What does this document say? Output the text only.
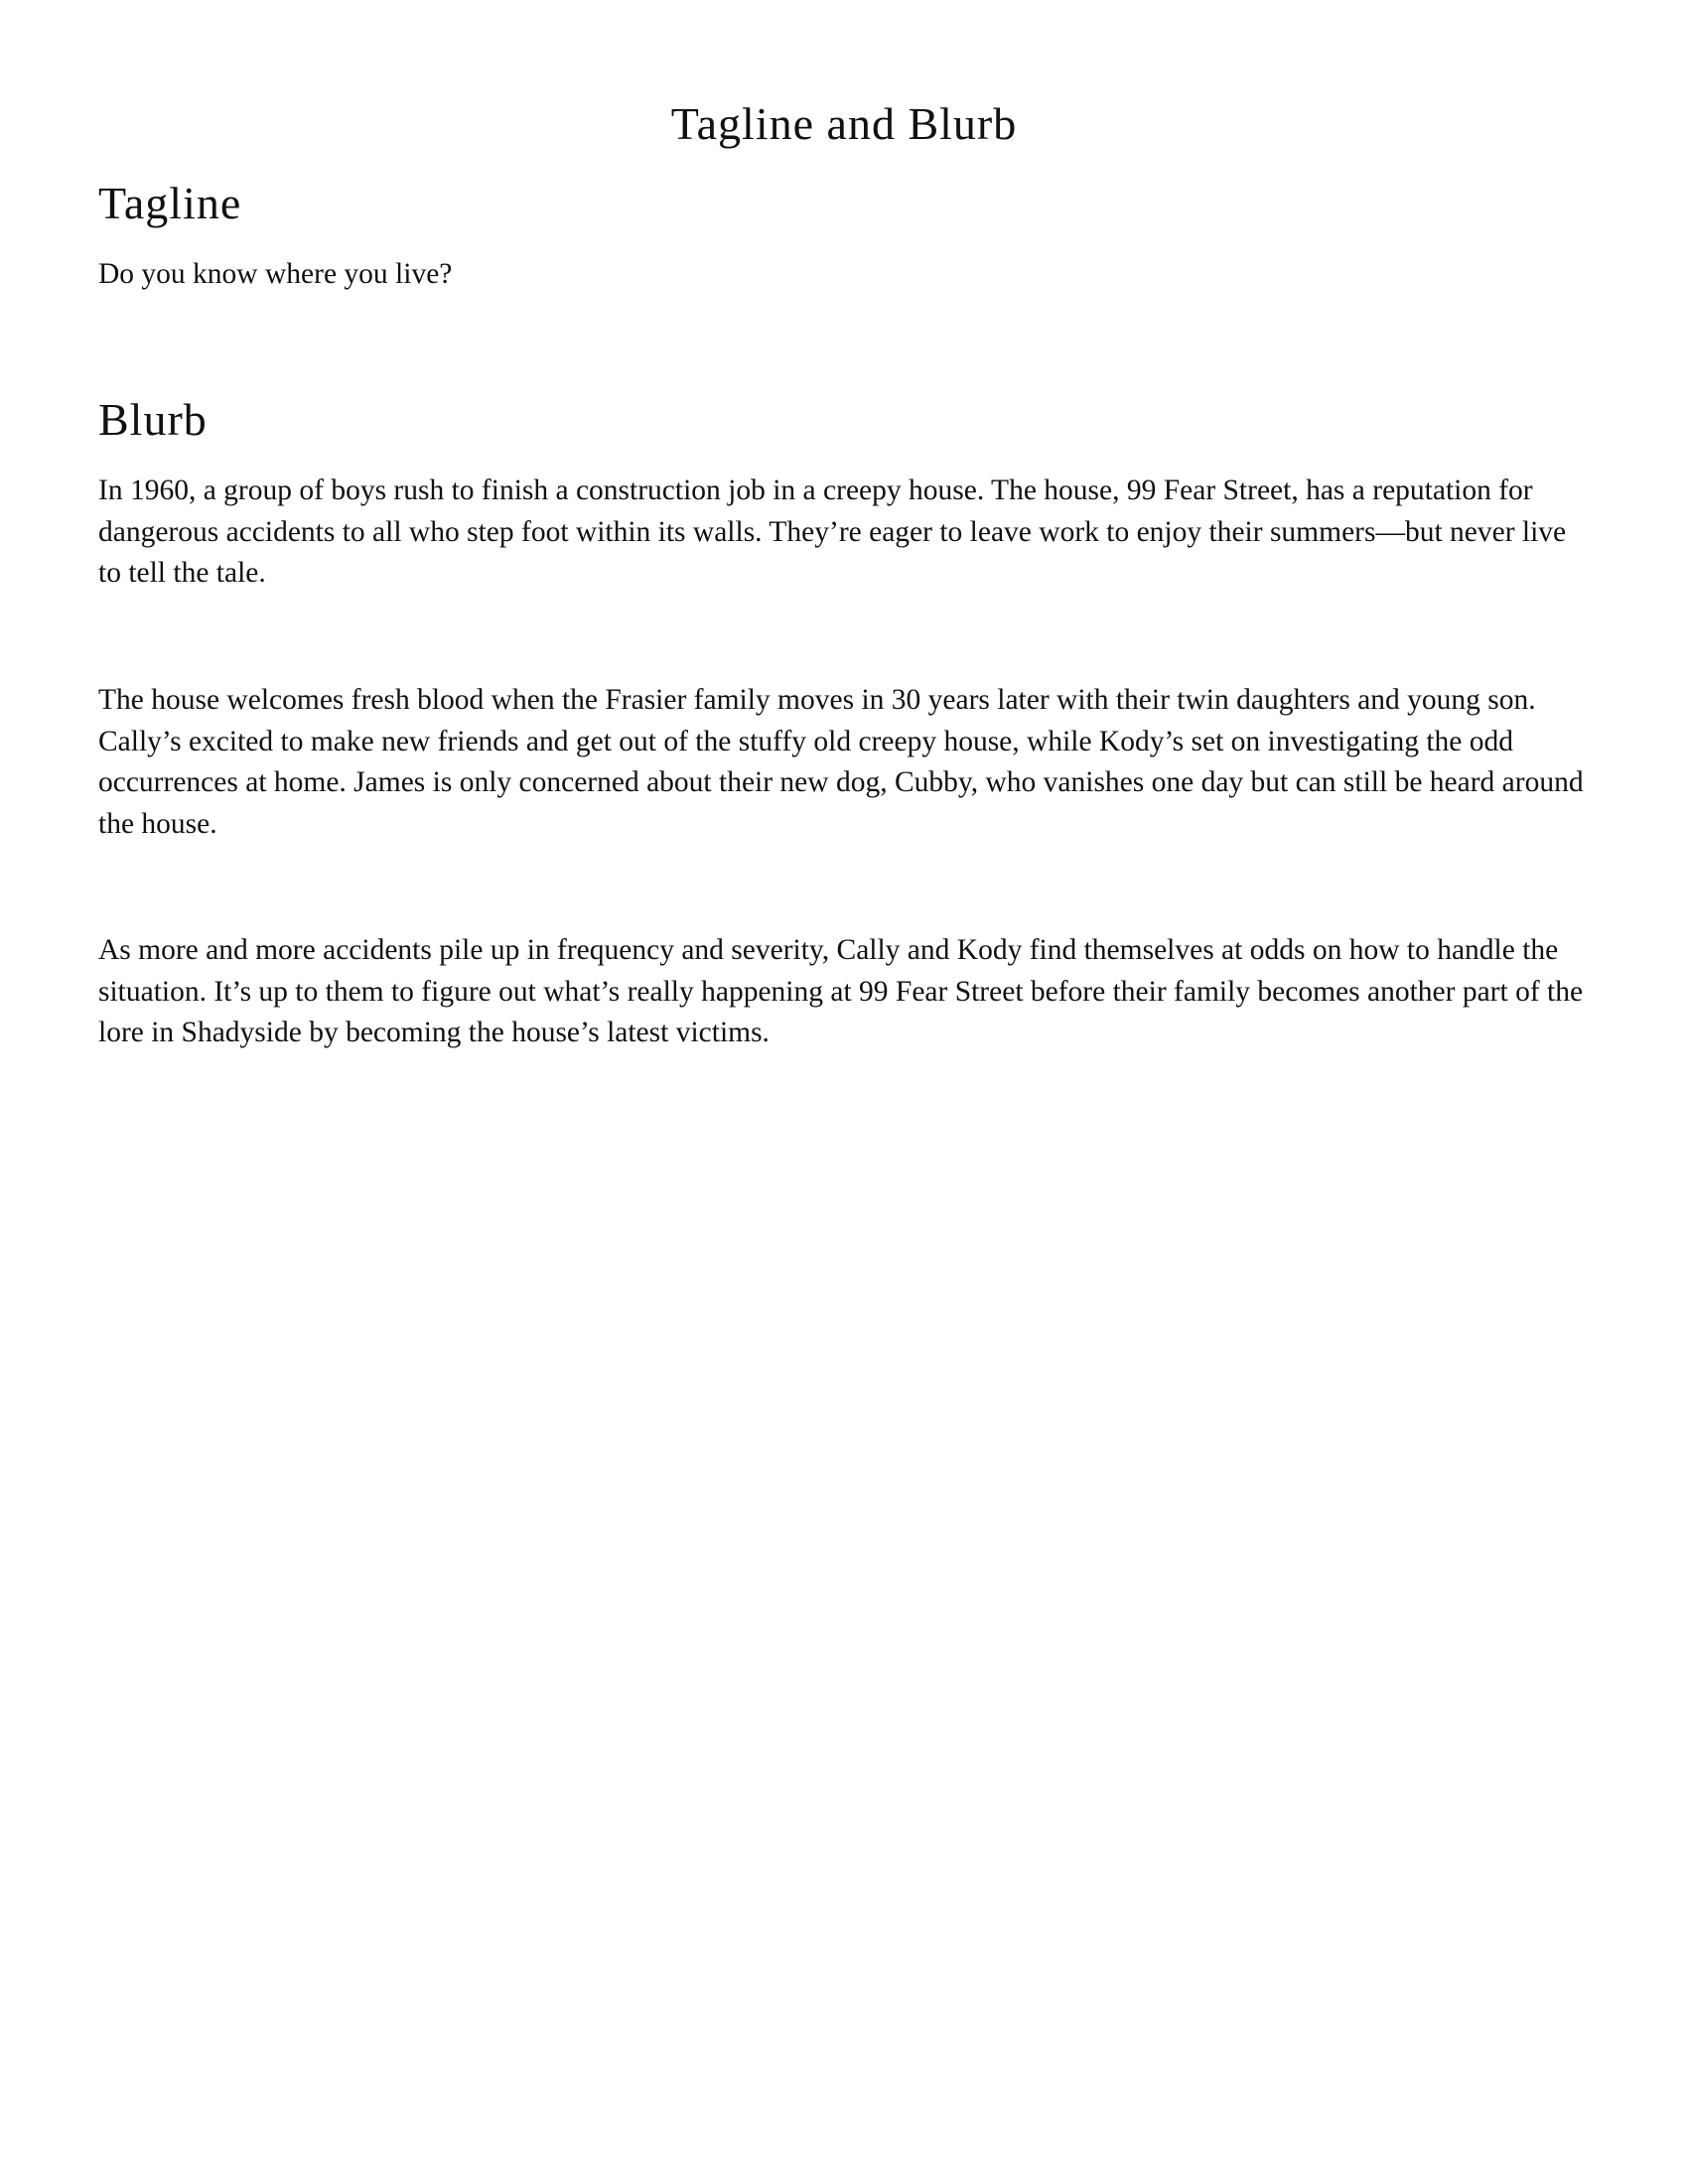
Tagline and Blurb
Tagline

Do you know where you live?

Blurb

In 1960, a group of boys rush to finish a construction job in a creepy house. The house, 99 Fear Street, has a reputation for dangerous accidents to all who step foot within its walls. They’re eager to leave work to enjoy their summers—but never live to tell the tale.

The house welcomes fresh blood when the Frasier family moves in 30 years later with their twin daughters and young son. Cally’s excited to make new friends and get out of the stuffy old creepy house, while Kody’s set on investigating the odd occurrences at home. James is only concerned about their new dog, Cubby, who vanishes one day but can still be heard around the house.

As more and more accidents pile up in frequency and severity, Cally and Kody find themselves at odds on how to handle the situation. It’s up to them to figure out what’s really happening at 99 Fear Street before their family becomes another part of the lore in Shadyside by becoming the house’s latest victims.
